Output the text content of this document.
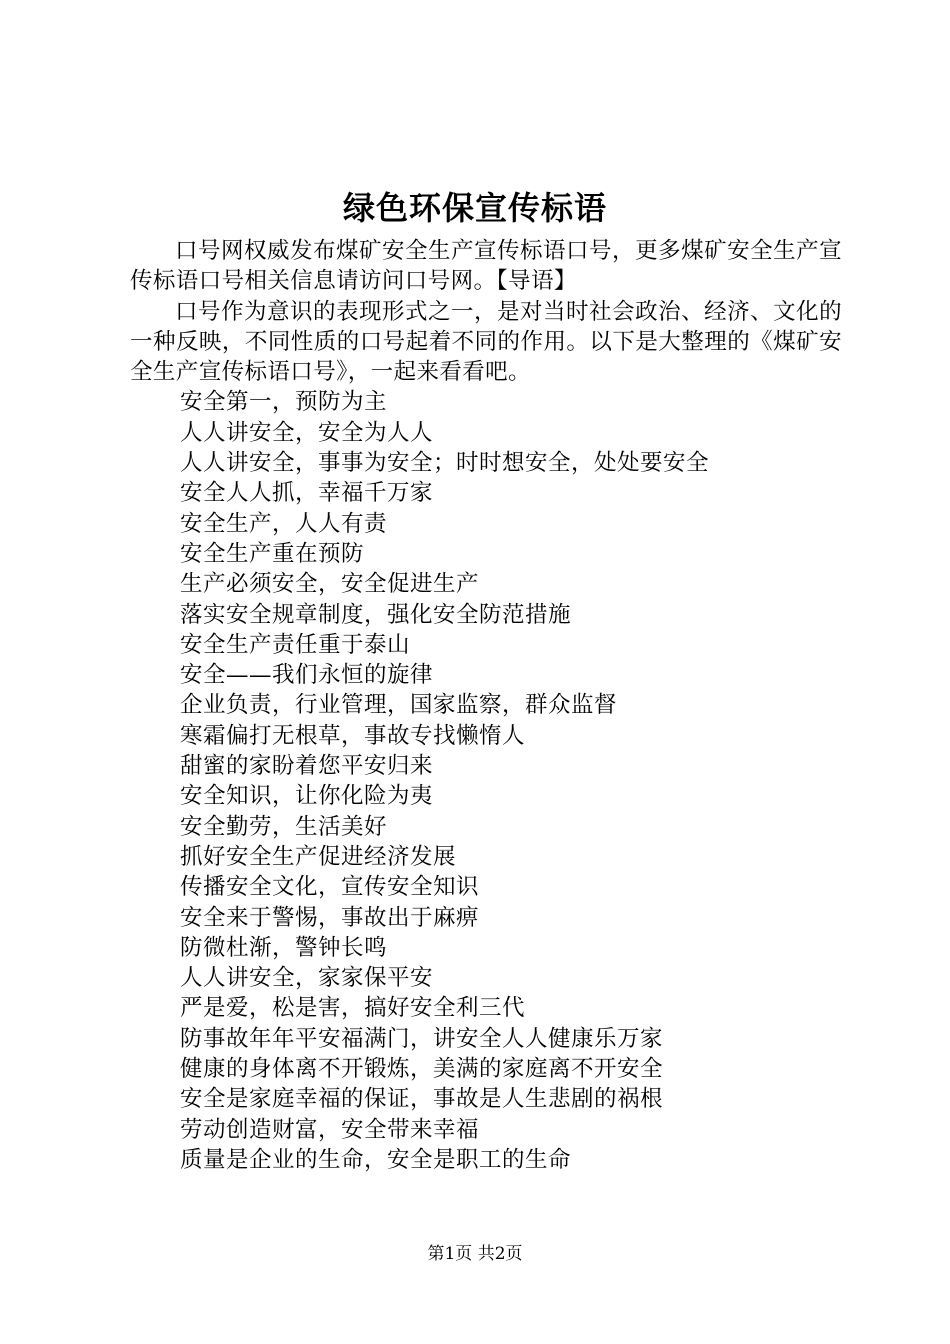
绿色环保宣传标语

口号网权威发布煤矿安全生产宣传标语口号，更多煤矿安全生产宣传标语口号相关信息请访问口号网。【导语】

口号作为意识的表现形式之一，是对当时社会政治、经济、文化的一种反映，不同性质的口号起着不同的作用。以下是大整理的《煤矿安全生产宣传标语口号》，一起来看看吧。

安全第一，预防为主
人人讲安全，安全为人人
人人讲安全，事事为安全；时时想安全，处处要安全
安全人人抓，幸福千万家
安全生产，人人有责
安全生产重在预防
生产必须安全，安全促进生产
落实安全规章制度，强化安全防范措施
安全生产责任重于泰山
安全——我们永恒的旋律
企业负责，行业管理，国家监察，群众监督
寒霜偏打无根草，事故专找懒惰人
甜蜜的家盼着您平安归来
安全知识，让你化险为夷
安全勤劳，生活美好
抓好安全生产促进经济发展
传播安全文化，宣传安全知识
安全来于警惕，事故出于麻痹
防微杜渐，警钟长鸣
人人讲安全，家家保平安
严是爱，松是害，搞好安全利三代
防事故年年平安福满门，讲安全人人健康乐万家
健康的身体离不开锻炼，美满的家庭离不开安全
安全是家庭幸福的保证，事故是人生悲剧的祸根
劳动创造财富，安全带来幸福
质量是企业的生命，安全是职工的生命
第1页 共2页
